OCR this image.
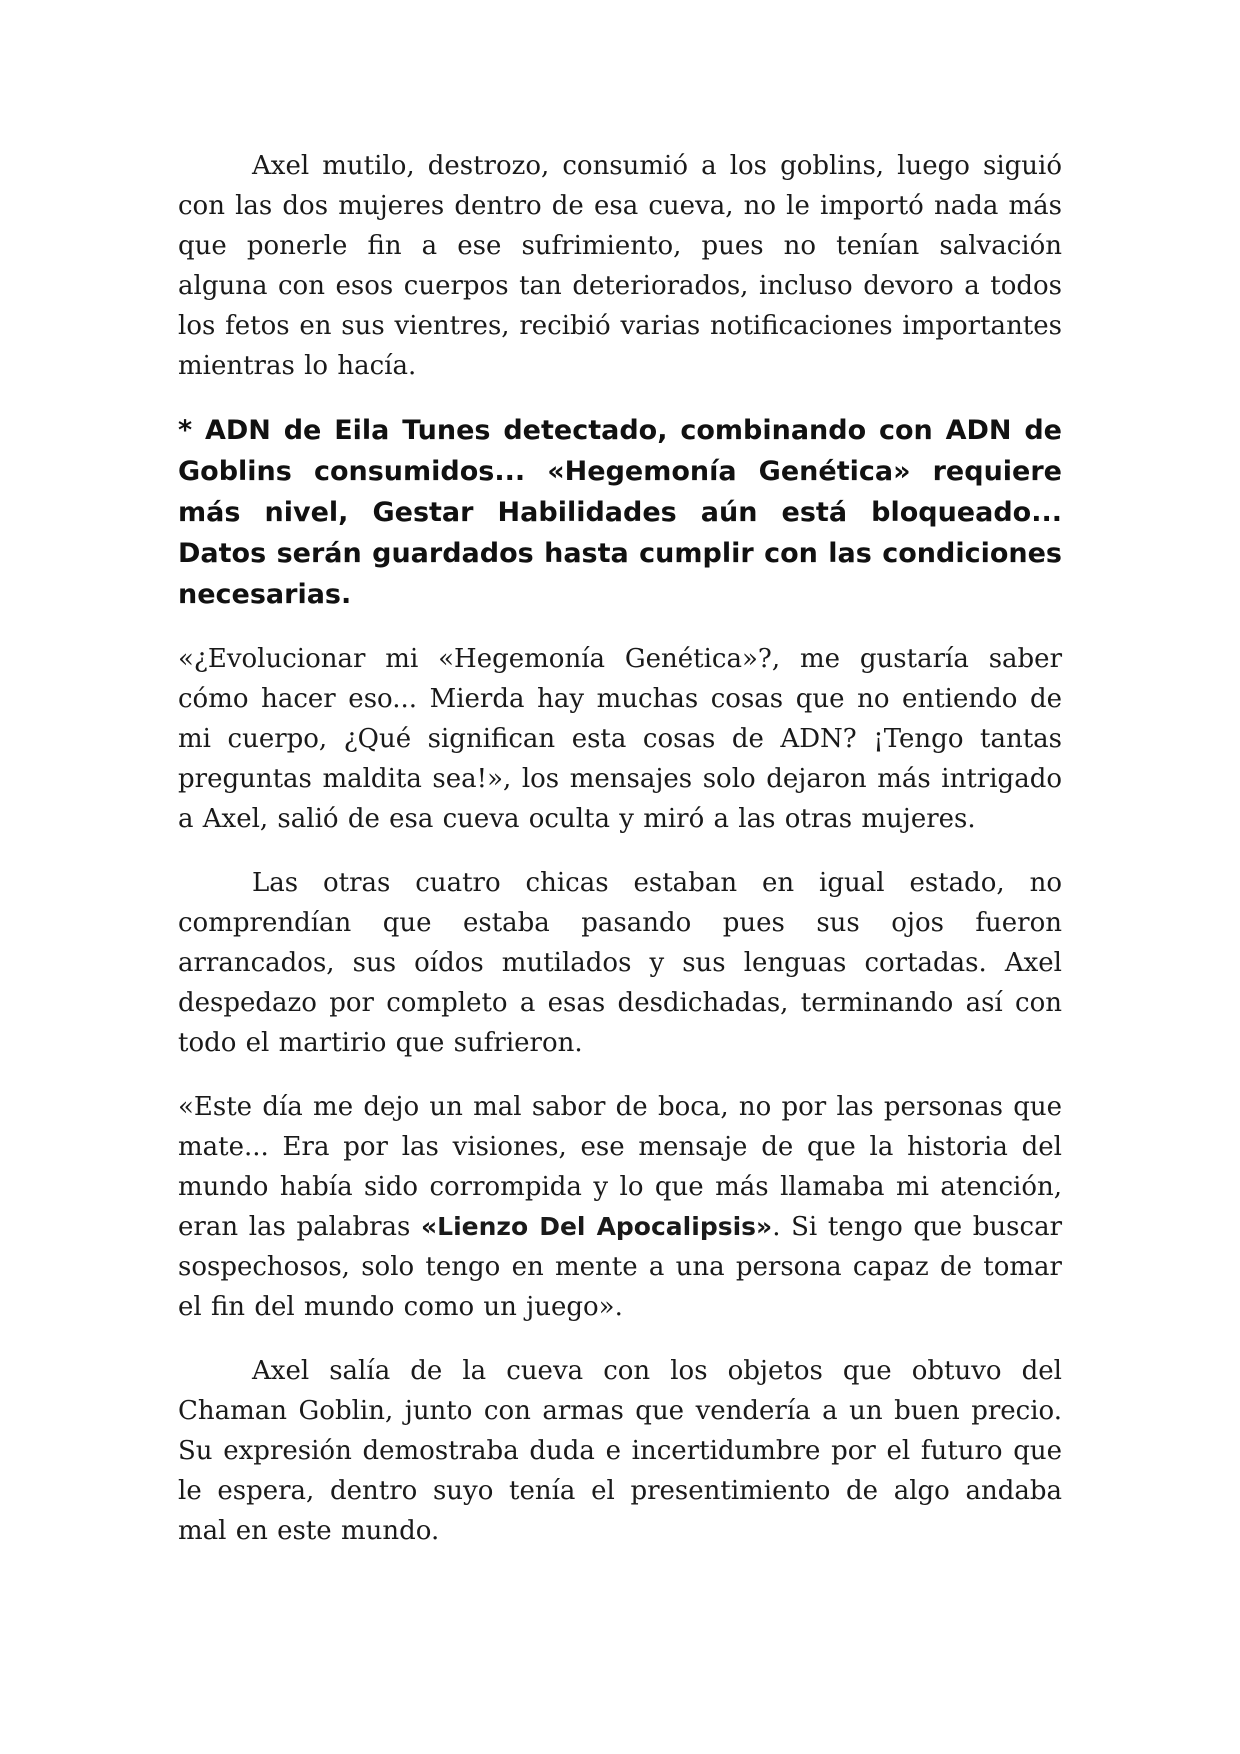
Axel mutilo, destrozo, consumió a los goblins, luego siguió con las dos mujeres dentro de esa cueva, no le importó nada más que ponerle fin a ese sufrimiento, pues no tenían salvación alguna con esos cuerpos tan deteriorados, incluso devoro a todos los fetos en sus vientres, recibió varias notificaciones importantes mientras lo hacía.

* ADN de Eila Tunes detectado, combinando con ADN de Goblins consumidos... «Hegemonía Genética» requiere más nivel, Gestar Habilidades aún está bloqueado... Datos serán guardados hasta cumplir con las condiciones necesarias.

«¿Evolucionar mi «Hegemonía Genética»?, me gustaría saber cómo hacer eso... Mierda hay muchas cosas que no entiendo de mi cuerpo, ¿Qué significan esta cosas de ADN? ¡Tengo tantas preguntas maldita sea!», los mensajes solo dejaron más intrigado a Axel, salió de esa cueva oculta y miró a las otras mujeres.

Las otras cuatro chicas estaban en igual estado, no comprendían que estaba pasando pues sus ojos fueron arrancados, sus oídos mutilados y sus lenguas cortadas. Axel despedazo por completo a esas desdichadas, terminando así con todo el martirio que sufrieron.

«Este día me dejo un mal sabor de boca, no por las personas que mate... Era por las visiones, ese mensaje de que la historia del mundo había sido corrompida y lo que más llamaba mi atención, eran las palabras «Lienzo Del Apocalipsis». Si tengo que buscar sospechosos, solo tengo en mente a una persona capaz de tomar el fin del mundo como un juego».

Axel salía de la cueva con los objetos que obtuvo del Chaman Goblin, junto con armas que vendería a un buen precio. Su expresión demostraba duda e incertidumbre por el futuro que le espera, dentro suyo tenía el presentimiento de algo andaba mal en este mundo.
